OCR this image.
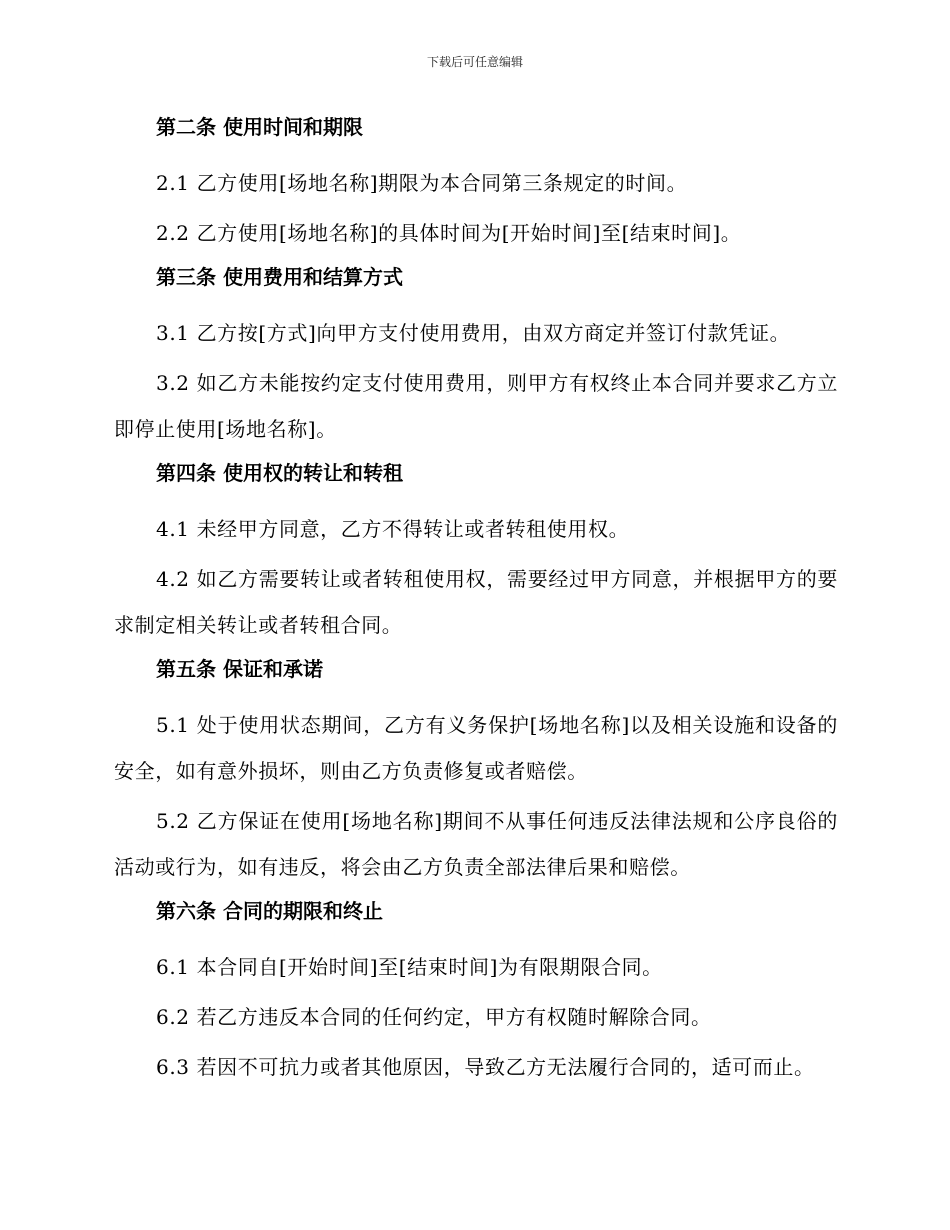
下载后可任意编辑
第二条 使用时间和期限

2.1 乙方使用[场地名称]期限为本合同第三条规定的时间。

2.2 乙方使用[场地名称]的具体时间为[开始时间]至[结束时间]。

第三条 使用费用和结算方式

3.1 乙方按[方式]向甲方支付使用费用，由双方商定并签订付款凭证。

3.2 如乙方未能按约定支付使用费用，则甲方有权终止本合同并要求乙方立即停止使用[场地名称]。

第四条 使用权的转让和转租

4.1 未经甲方同意，乙方不得转让或者转租使用权。

4.2 如乙方需要转让或者转租使用权，需要经过甲方同意，并根据甲方的要求制定相关转让或者转租合同。

第五条 保证和承诺

5.1 处于使用状态期间，乙方有义务保护[场地名称]以及相关设施和设备的安全，如有意外损坏，则由乙方负责修复或者赔偿。

5.2 乙方保证在使用[场地名称]期间不从事任何违反法律法规和公序良俗的活动或行为，如有违反，将会由乙方负责全部法律后果和赔偿。

第六条 合同的期限和终止

6.1 本合同自[开始时间]至[结束时间]为有限期限合同。

6.2 若乙方违反本合同的任何约定，甲方有权随时解除合同。

6.3 若因不可抗力或者其他原因，导致乙方无法履行合同的，适可而止。
